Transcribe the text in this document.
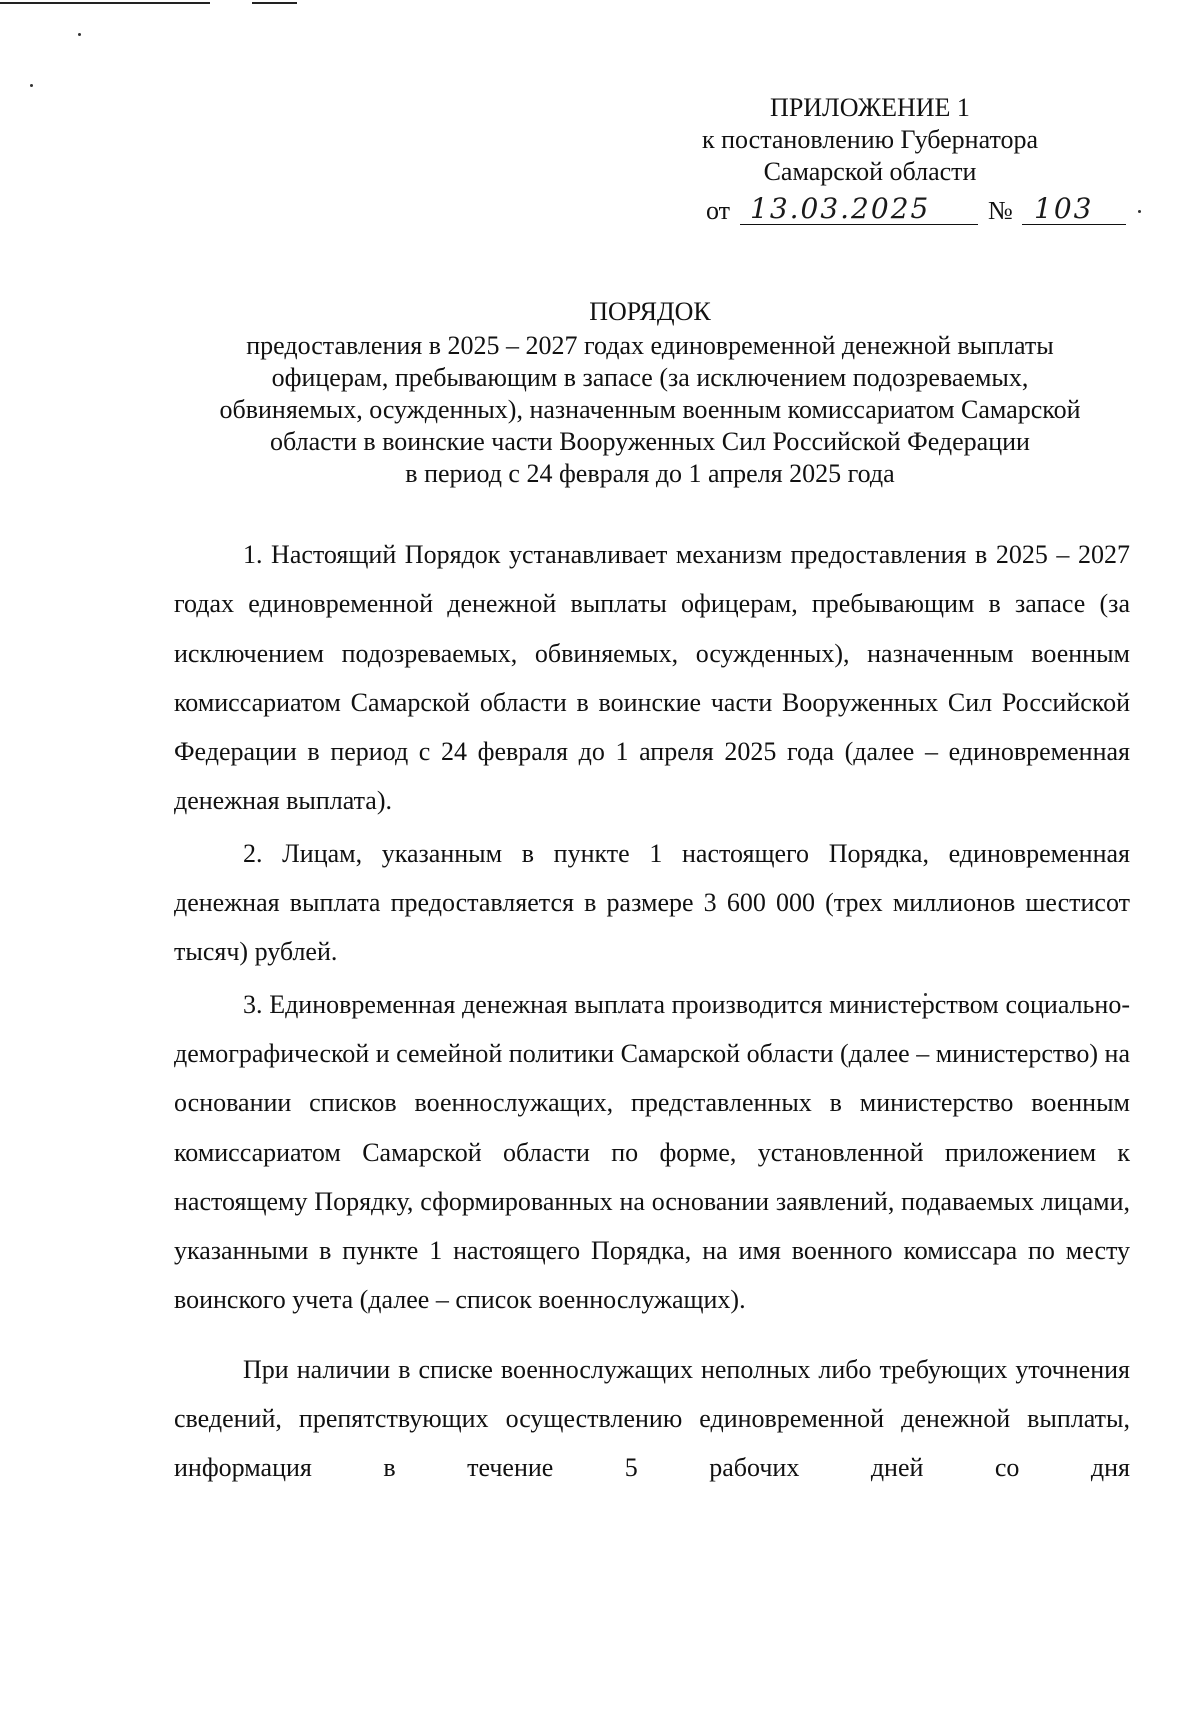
ПРИЛОЖЕНИЕ 1
к постановлению Губернатора
Самарской области
от 13.03.2025 № 103
ПОРЯДОК
предоставления в 2025 – 2027 годах единовременной денежной выплаты
офицерам, пребывающим в запасе (за исключением подозреваемых,
обвиняемых, осужденных), назначенным военным комиссариатом Самарской
области в воинские части Вооруженных Сил Российской Федерации
в период с 24 февраля до 1 апреля 2025 года

1. Настоящий Порядок устанавливает механизм предоставления в 2025 – 2027 годах единовременной денежной выплаты офицерам, пребывающим в запасе (за исключением подозреваемых, обвиняемых, осужденных), назначенным военным комиссариатом Самарской области в воинские части Вооруженных Сил Российской Федерации в период с 24 февраля до 1 апреля 2025 года (далее – единовременная денежная выплата).

2. Лицам, указанным в пункте 1 настоящего Порядка, единовременная денежная выплата предоставляется в размере 3 600 000 (трех миллионов шестисот тысяч) рублей.

3. Единовременная денежная выплата производится министерством социально-демографической и семейной политики Самарской области (далее – министерство) на основании списков военнослужащих, представленных в министерство военным комиссариатом Самарской области по форме, установленной приложением к настоящему Порядку, сформированных на основании заявлений, подаваемых лицами, указанными в пункте 1 настоящего Порядка, на имя военного комиссара по месту воинского учета (далее – список военнослужащих).

При наличии в списке военнослужащих неполных либо требующих уточнения сведений, препятствующих осуществлению единовременной денежной выплаты, информация в течение 5 рабочих дней со дня
